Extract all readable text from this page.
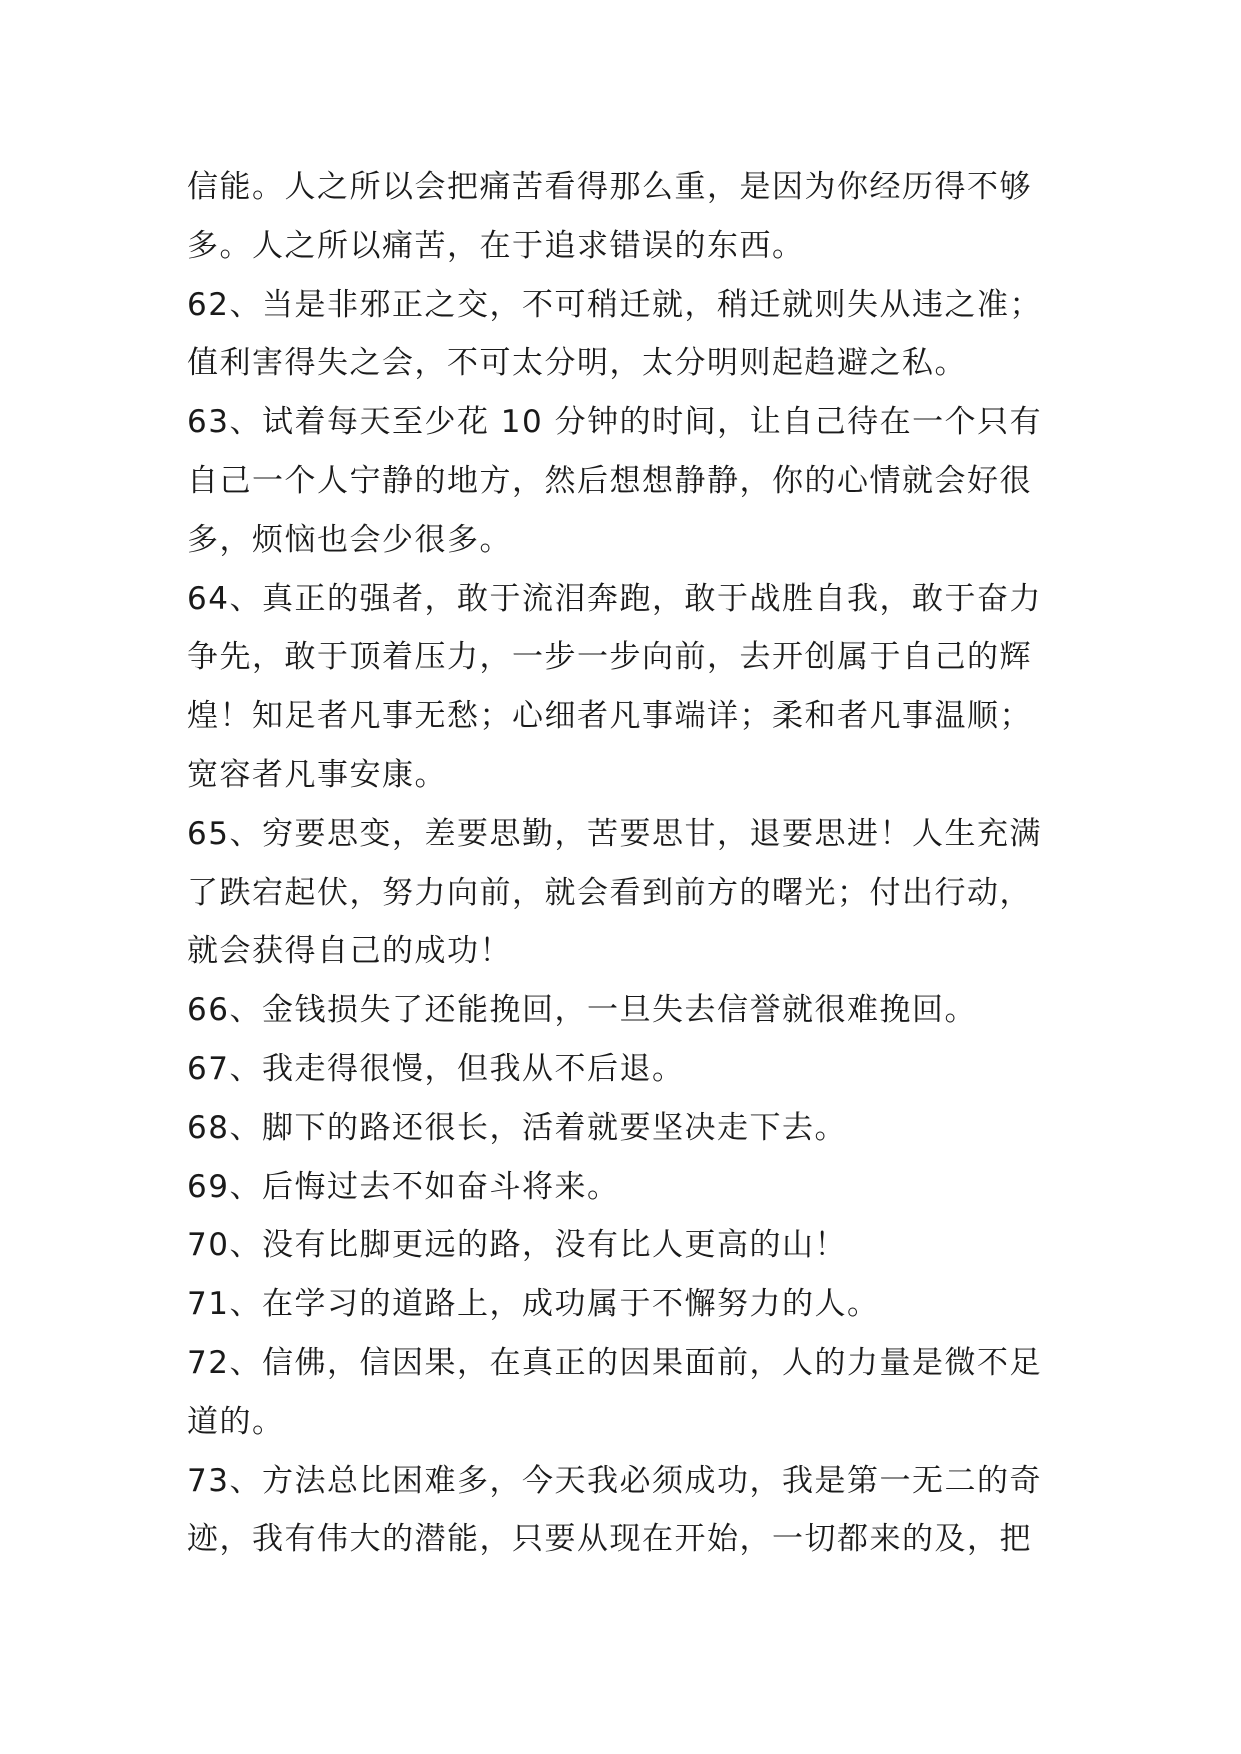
信能。人之所以会把痛苦看得那么重，是因为你经历得不够
多。人之所以痛苦，在于追求错误的东西。
62、当是非邪正之交，不可稍迁就，稍迁就则失从违之准；
值利害得失之会，不可太分明，太分明则起趋避之私。
63、试着每天至少花 10 分钟的时间，让自己待在一个只有
自己一个人宁静的地方，然后想想静静，你的心情就会好很
多，烦恼也会少很多。
64、真正的强者，敢于流泪奔跑，敢于战胜自我，敢于奋力
争先，敢于顶着压力，一步一步向前，去开创属于自己的辉
煌！知足者凡事无愁；心细者凡事端详；柔和者凡事温顺；
宽容者凡事安康。
65、穷要思变，差要思勤，苦要思甘，退要思进！人生充满
了跌宕起伏，努力向前，就会看到前方的曙光；付出行动，
就会获得自己的成功！
66、金钱损失了还能挽回，一旦失去信誉就很难挽回。
67、我走得很慢，但我从不后退。
68、脚下的路还很长，活着就要坚决走下去。
69、后悔过去不如奋斗将来。
70、没有比脚更远的路，没有比人更高的山！
71、在学习的道路上，成功属于不懈努力的人。
72、信佛，信因果，在真正的因果面前，人的力量是微不足
道的。
73、方法总比困难多，今天我必须成功，我是第一无二的奇
迹，我有伟大的潜能，只要从现在开始，一切都来的及，把
